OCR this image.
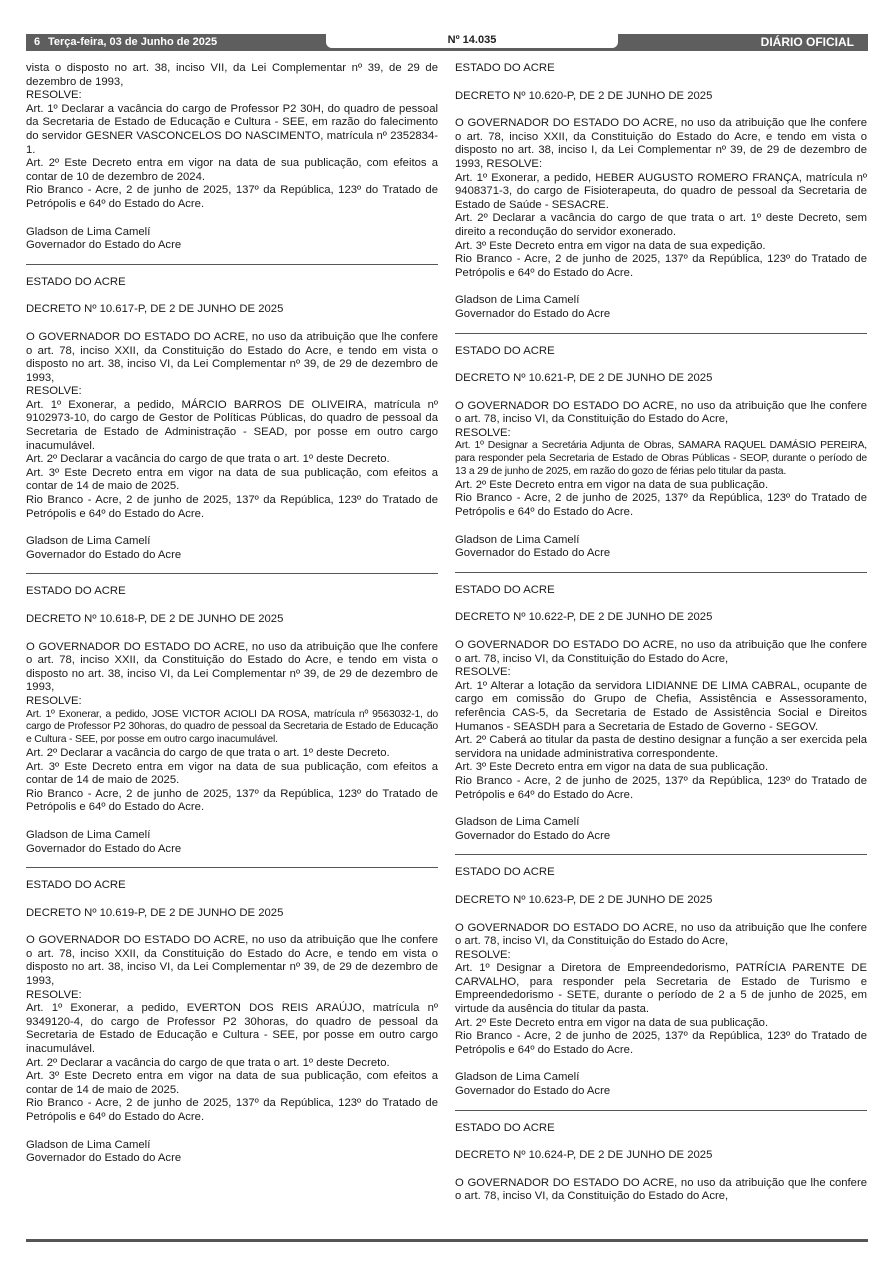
6 Terça-feira, 03 de Junho de 2025	Nº 14.035	DIÁRIO OFICIAL

vista o disposto no art. 38, inciso VII, da Lei Complementar nº 39, de 29 de dezembro de 1993,

RESOLVE:

Art. 1º Declarar a vacância do cargo de Professor P2 30H, do quadro de pessoal da Secretaria de Estado de Educação e Cultura - SEE, em razão do falecimento do servidor GESNER VASCONCELOS DO NASCIMENTO, matrícula nº 2352834-1.

Art. 2º Este Decreto entra em vigor na data de sua publicação, com efeitos a contar de 10 de dezembro de 2024.

Rio Branco - Acre, 2 de junho de 2025, 137º da República, 123º do Tratado de Petrópolis e 64º do Estado do Acre.

Gladson de Lima Camelí

Governador do Estado do Acre

ESTADO DO ACRE

DECRETO Nº 10.617-P, DE 2 DE JUNHO DE 2025

O GOVERNADOR DO ESTADO DO ACRE, no uso da atribuição que lhe confere o art. 78, inciso XXII, da Constituição do Estado do Acre, e tendo em vista o disposto no art. 38, inciso VI, da Lei Complementar nº 39, de 29 de dezembro de 1993,

RESOLVE:

Art. 1º Exonerar, a pedido, MÁRCIO BARROS DE OLIVEIRA, matrícula nº 9102973-10, do cargo de Gestor de Políticas Públicas, do quadro de pessoal da Secretaria de Estado de Administração - SEAD, por posse em outro cargo inacumulável.

Art. 2º Declarar a vacância do cargo de que trata o art. 1º deste Decreto.

Art. 3º Este Decreto entra em vigor na data de sua publicação, com efeitos a contar de 14 de maio de 2025.

Rio Branco - Acre, 2 de junho de 2025, 137º da República, 123º do Tratado de Petrópolis e 64º do Estado do Acre.

Gladson de Lima Camelí

Governador do Estado do Acre

ESTADO DO ACRE

DECRETO Nº 10.618-P, DE 2 DE JUNHO DE 2025

O GOVERNADOR DO ESTADO DO ACRE, no uso da atribuição que lhe confere o art. 78, inciso XXII, da Constituição do Estado do Acre, e tendo em vista o disposto no art. 38, inciso VI, da Lei Complementar nº 39, de 29 de dezembro de 1993,

RESOLVE:

Art. 1º Exonerar, a pedido, JOSE VICTOR ACIOLI DA ROSA, matrícula nº 9563032-1, do cargo de Professor P2 30horas, do quadro de pessoal da Secretaria de Estado de Educação e Cultura - SEE, por posse em outro cargo inacumulável.

Art. 2º Declarar a vacância do cargo de que trata o art. 1º deste Decreto.

Art. 3º Este Decreto entra em vigor na data de sua publicação, com efeitos a contar de 14 de maio de 2025.

Rio Branco - Acre, 2 de junho de 2025, 137º da República, 123º do Tratado de Petrópolis e 64º do Estado do Acre.

Gladson de Lima Camelí

Governador do Estado do Acre

ESTADO DO ACRE

DECRETO Nº 10.619-P, DE 2 DE JUNHO DE 2025

O GOVERNADOR DO ESTADO DO ACRE, no uso da atribuição que lhe confere o art. 78, inciso XXII, da Constituição do Estado do Acre, e tendo em vista o disposto no art. 38, inciso VI, da Lei Complementar nº 39, de 29 de dezembro de 1993,

RESOLVE:

Art. 1º Exonerar, a pedido, EVERTON DOS REIS ARAÚJO, matrícula nº 9349120-4, do cargo de Professor P2 30horas, do quadro de pessoal da Secretaria de Estado de Educação e Cultura - SEE, por posse em outro cargo inacumulável.

Art. 2º Declarar a vacância do cargo de que trata o art. 1º deste Decreto.

Art. 3º Este Decreto entra em vigor na data de sua publicação, com efeitos a contar de 14 de maio de 2025.

Rio Branco - Acre, 2 de junho de 2025, 137º da República, 123º do Tratado de Petrópolis e 64º do Estado do Acre.

Gladson de Lima Camelí

Governador do Estado do Acre

ESTADO DO ACRE

DECRETO Nº 10.620-P, DE 2 DE JUNHO DE 2025

O GOVERNADOR DO ESTADO DO ACRE, no uso da atribuição que lhe confere o art. 78, inciso XXII, da Constituição do Estado do Acre, e tendo em vista o disposto no art. 38, inciso I, da Lei Complementar nº 39, de 29 de dezembro de 1993, RESOLVE:

Art. 1º Exonerar, a pedido, HEBER AUGUSTO ROMERO FRANÇA, matrícula nº 9408371-3, do cargo de Fisioterapeuta, do quadro de pessoal da Secretaria de Estado de Saúde - SESACRE.

Art. 2º Declarar a vacância do cargo de que trata o art. 1º deste Decreto, sem direito a recondução do servidor exonerado.

Art. 3º Este Decreto entra em vigor na data de sua expedição.

Rio Branco - Acre, 2 de junho de 2025, 137º da República, 123º do Tratado de Petrópolis e 64º do Estado do Acre.

Gladson de Lima Camelí

Governador do Estado do Acre

ESTADO DO ACRE

DECRETO Nº 10.621-P, DE 2 DE JUNHO DE 2025

O GOVERNADOR DO ESTADO DO ACRE, no uso da atribuição que lhe confere o art. 78, inciso VI, da Constituição do Estado do Acre,

RESOLVE:

Art. 1º Designar a Secretária Adjunta de Obras, SAMARA RAQUEL DAMÁSIO PEREIRA, para responder pela Secretaria de Estado de Obras Públicas - SEOP, durante o período de 13 a 29 de junho de 2025, em razão do gozo de férias pelo titular da pasta.

Art. 2º Este Decreto entra em vigor na data de sua publicação.

Rio Branco - Acre, 2 de junho de 2025, 137º da República, 123º do Tratado de Petrópolis e 64º do Estado do Acre.

Gladson de Lima Camelí

Governador do Estado do Acre

ESTADO DO ACRE

DECRETO Nº 10.622-P, DE 2 DE JUNHO DE 2025

O GOVERNADOR DO ESTADO DO ACRE, no uso da atribuição que lhe confere o art. 78, inciso VI, da Constituição do Estado do Acre,

RESOLVE:

Art. 1º Alterar a lotação da servidora LIDIANNE DE LIMA CABRAL, ocupante de cargo em comissão do Grupo de Chefia, Assistência e Assessoramento, referência CAS-5, da Secretaria de Estado de Assistência Social e Direitos Humanos - SEASDH para a Secretaria de Estado de Governo - SEGOV.

Art. 2º Caberá ao titular da pasta de destino designar a função a ser exercida pela servidora na unidade administrativa correspondente.

Art. 3º Este Decreto entra em vigor na data de sua publicação.

Rio Branco - Acre, 2 de junho de 2025, 137º da República, 123º do Tratado de Petrópolis e 64º do Estado do Acre.

Gladson de Lima Camelí

Governador do Estado do Acre

ESTADO DO ACRE

DECRETO Nº 10.623-P, DE 2 DE JUNHO DE 2025

O GOVERNADOR DO ESTADO DO ACRE, no uso da atribuição que lhe confere o art. 78, inciso VI, da Constituição do Estado do Acre,

RESOLVE:

Art. 1º Designar a Diretora de Empreendedorismo, PATRÍCIA PARENTE DE CARVALHO, para responder pela Secretaria de Estado de Turismo e Empreendedorismo - SETE, durante o período de 2 a 5 de junho de 2025, em virtude da ausência do titular da pasta.

Art. 2º Este Decreto entra em vigor na data de sua publicação.

Rio Branco - Acre, 2 de junho de 2025, 137º da República, 123º do Tratado de Petrópolis e 64º do Estado do Acre.

Gladson de Lima Camelí

Governador do Estado do Acre

ESTADO DO ACRE

DECRETO Nº 10.624-P, DE 2 DE JUNHO DE 2025

O GOVERNADOR DO ESTADO DO ACRE, no uso da atribuição que lhe confere o art. 78, inciso VI, da Constituição do Estado do Acre,
